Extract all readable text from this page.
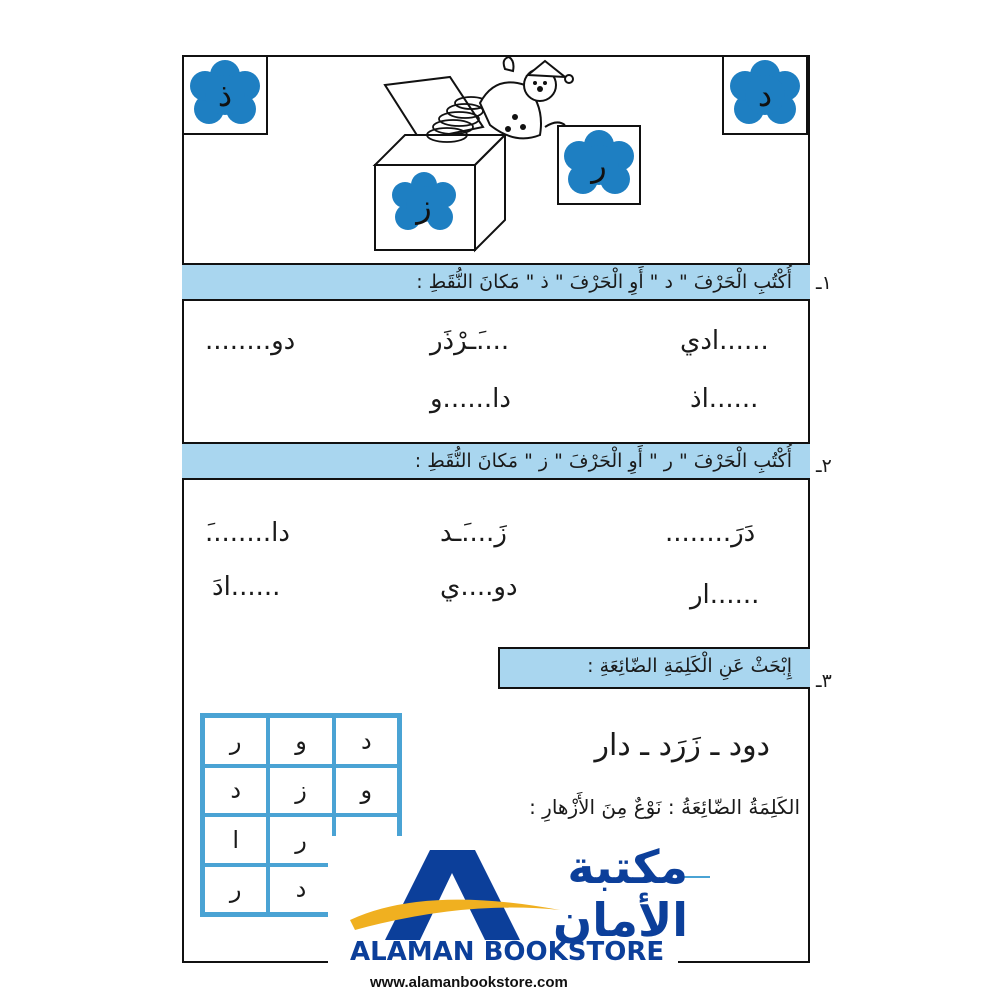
ذ	د
ز
ر
١ـ
أُكْتُبِ الْحَرْفَ " د " أَوِ الْحَرْفَ " ذ " مَكانَ النُّقَطِ :
......ادي
....َـرْذَر
دو........
......اذ
دا......و
٢ـ
أُكْتُبِ الْحَرْفَ " ر " أَوِ الْحَرْفَ " ز " مَكانَ النُّقَطِ :
دَرَ........
زَ....َـد
دا........َ
......ار
دو....ي
......ادَ
٣ـ
إِبْحَثْ عَنِ الْكَلِمَةِ الضّائِعَةِ :
ر	و	د
د	ز	و
ا	ر
ر	د
دود ـ زَرَد ـ دار
الكَلِمَةُ الضّائِعَةُ : نَوْعٌ مِنَ الأَزْهارِ :
مكتبة
الأمان
ALAMAN BOOKSTORE
www.alamanbookstore.com
